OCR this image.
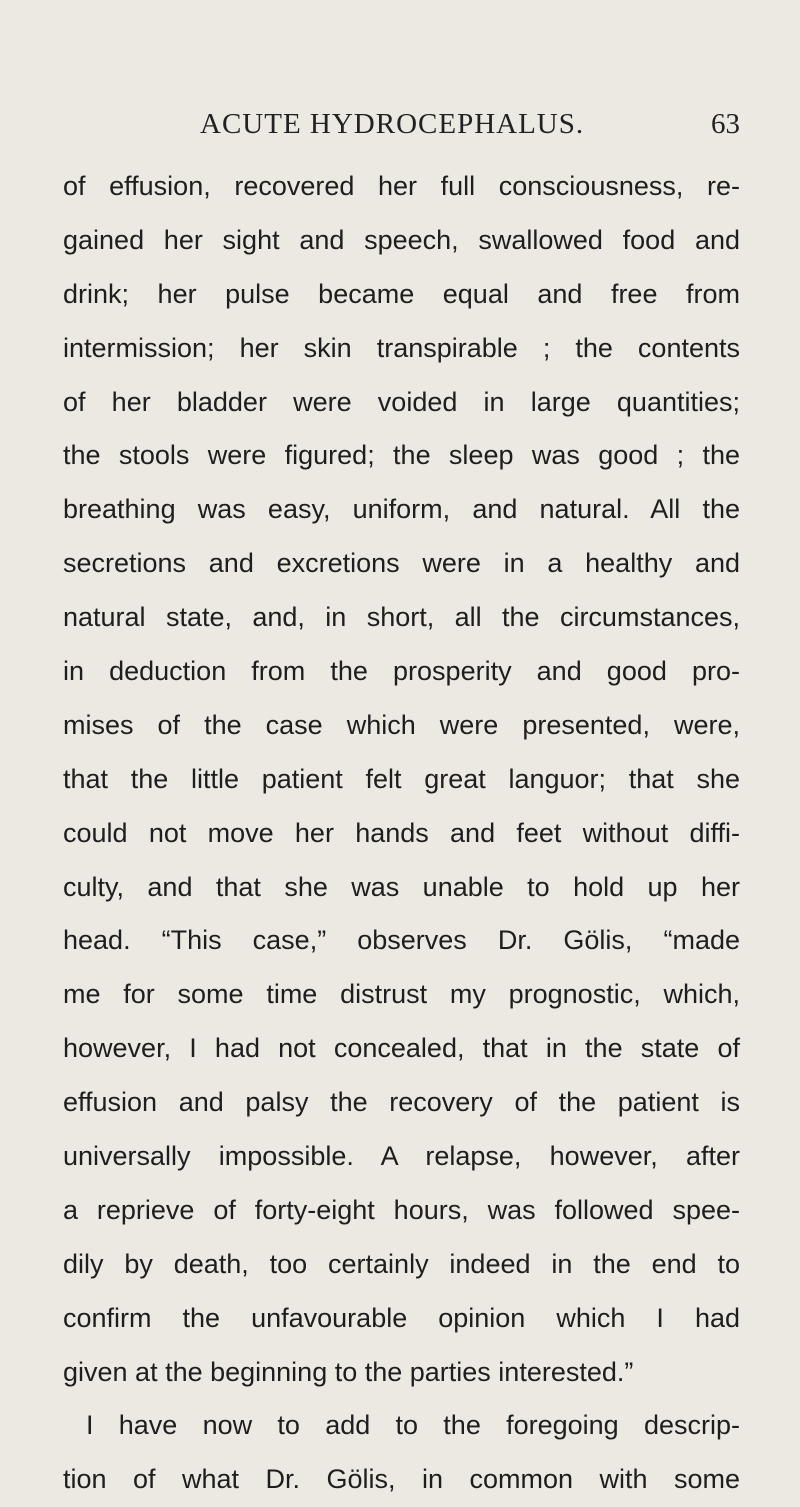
ACUTE HYDROCEPHALUS.	63
of effusion, recovered her full consciousness, re-
gained her sight and speech, swallowed food and
drink; her pulse became equal and free from
intermission; her skin transpirable ; the contents
of her bladder were voided in large quantities;
the stools were figured; the sleep was good ; the
breathing was easy, uniform, and natural. All the
secretions and excretions were in a healthy and
natural state, and, in short, all the circumstances,
in deduction from the prosperity and good pro-
mises of the case which were presented, were,
that the little patient felt great languor; that she
could not move her hands and feet without diffi-
culty, and that she was unable to hold up her
head. “This case,” observes Dr. Gölis, “made
me for some time distrust my prognostic, which,
however, I had not concealed, that in the state of
effusion and palsy the recovery of the patient is
universally impossible. A relapse, however, after
a reprieve of forty-eight hours, was followed spee-
dily by death, too certainly indeed in the end to
confirm the unfavourable opinion which I had
given at the beginning to the parties interested.”
I have now to add to the foregoing descrip-
tion of what Dr. Gölis, in common with some
